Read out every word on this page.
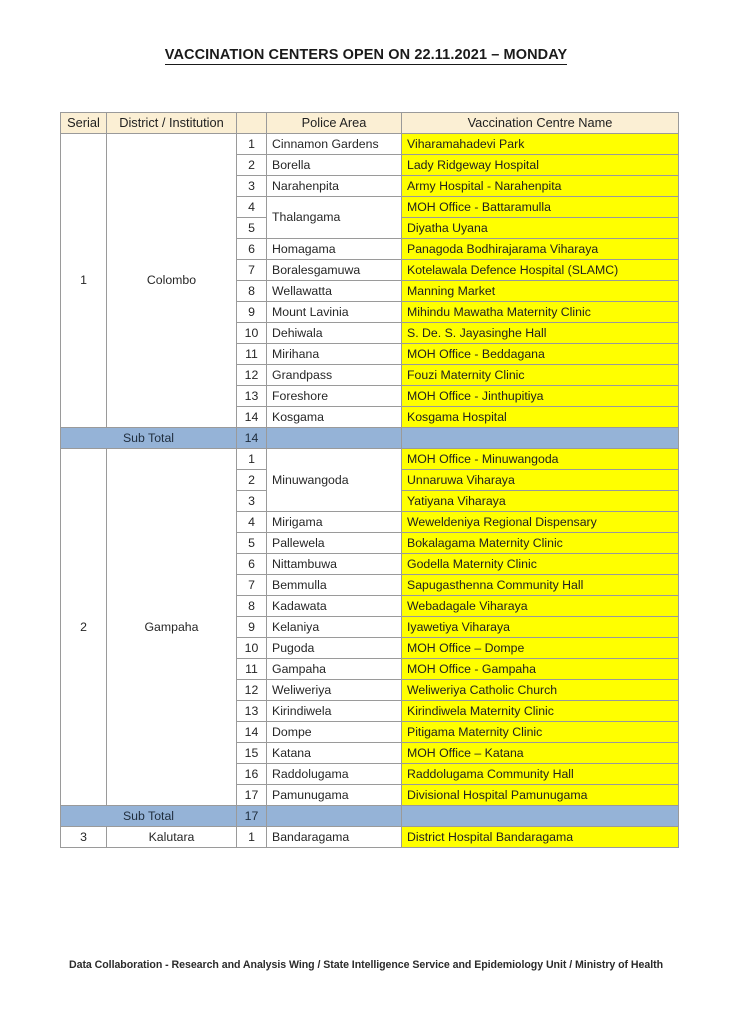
VACCINATION CENTERS OPEN ON 22.11.2021 – MONDAY
Serial	District / Institution		Police Area	Vaccination Centre Name
1	Colombo	1	Cinnamon Gardens	Viharamahadevi Park
		2	Borella	Lady Ridgeway Hospital
		3	Narahenpita	Army Hospital - Narahenpita
		4	Thalangama	MOH Office - Battaramulla
		5		Diyatha Uyana
		6	Homagama	Panagoda Bodhirajarama Viharaya
		7	Boralesgamuwa	Kotelawala Defence Hospital (SLAMC)
		8	Wellawatta	Manning Market
		9	Mount Lavinia	Mihindu Mawatha Maternity Clinic
		10	Dehiwala	S. De. S. Jayasinghe Hall
		11	Mirihana	MOH Office - Beddagana
		12	Grandpass	Fouzi Maternity Clinic
		13	Foreshore	MOH Office - Jinthupitiya
		14	Kosgama	Kosgama Hospital
Sub Total		14		
2	Gampaha	1	Minuwangoda	MOH Office - Minuwangoda
		2		Unnaruwa Viharaya
		3		Yatiyana Viharaya
		4	Mirigama	Weweldeniya Regional Dispensary
		5	Pallewela	Bokalagama Maternity Clinic
		6	Nittambuwa	Godella Maternity Clinic
		7	Bemmulla	Sapugasthenna Community Hall
		8	Kadawata	Webadagale Viharaya
		9	Kelaniya	Iyawetiya Viharaya
		10	Pugoda	MOH Office – Dompe
		11	Gampaha	MOH Office - Gampaha
		12	Weliweriya	Weliweriya Catholic Church
		13	Kirindiwela	Kirindiwela Maternity Clinic
		14	Dompe	Pitigama Maternity Clinic
		15	Katana	MOH Office – Katana
		16	Raddolugama	Raddolugama Community Hall
		17	Pamunugama	Divisional Hospital Pamunugama
Sub Total		17		
3	Kalutara	1	Bandaragama	District Hospital Bandaragama
Data Collaboration - Research and Analysis Wing / State Intelligence Service and Epidemiology Unit / Ministry of Health
